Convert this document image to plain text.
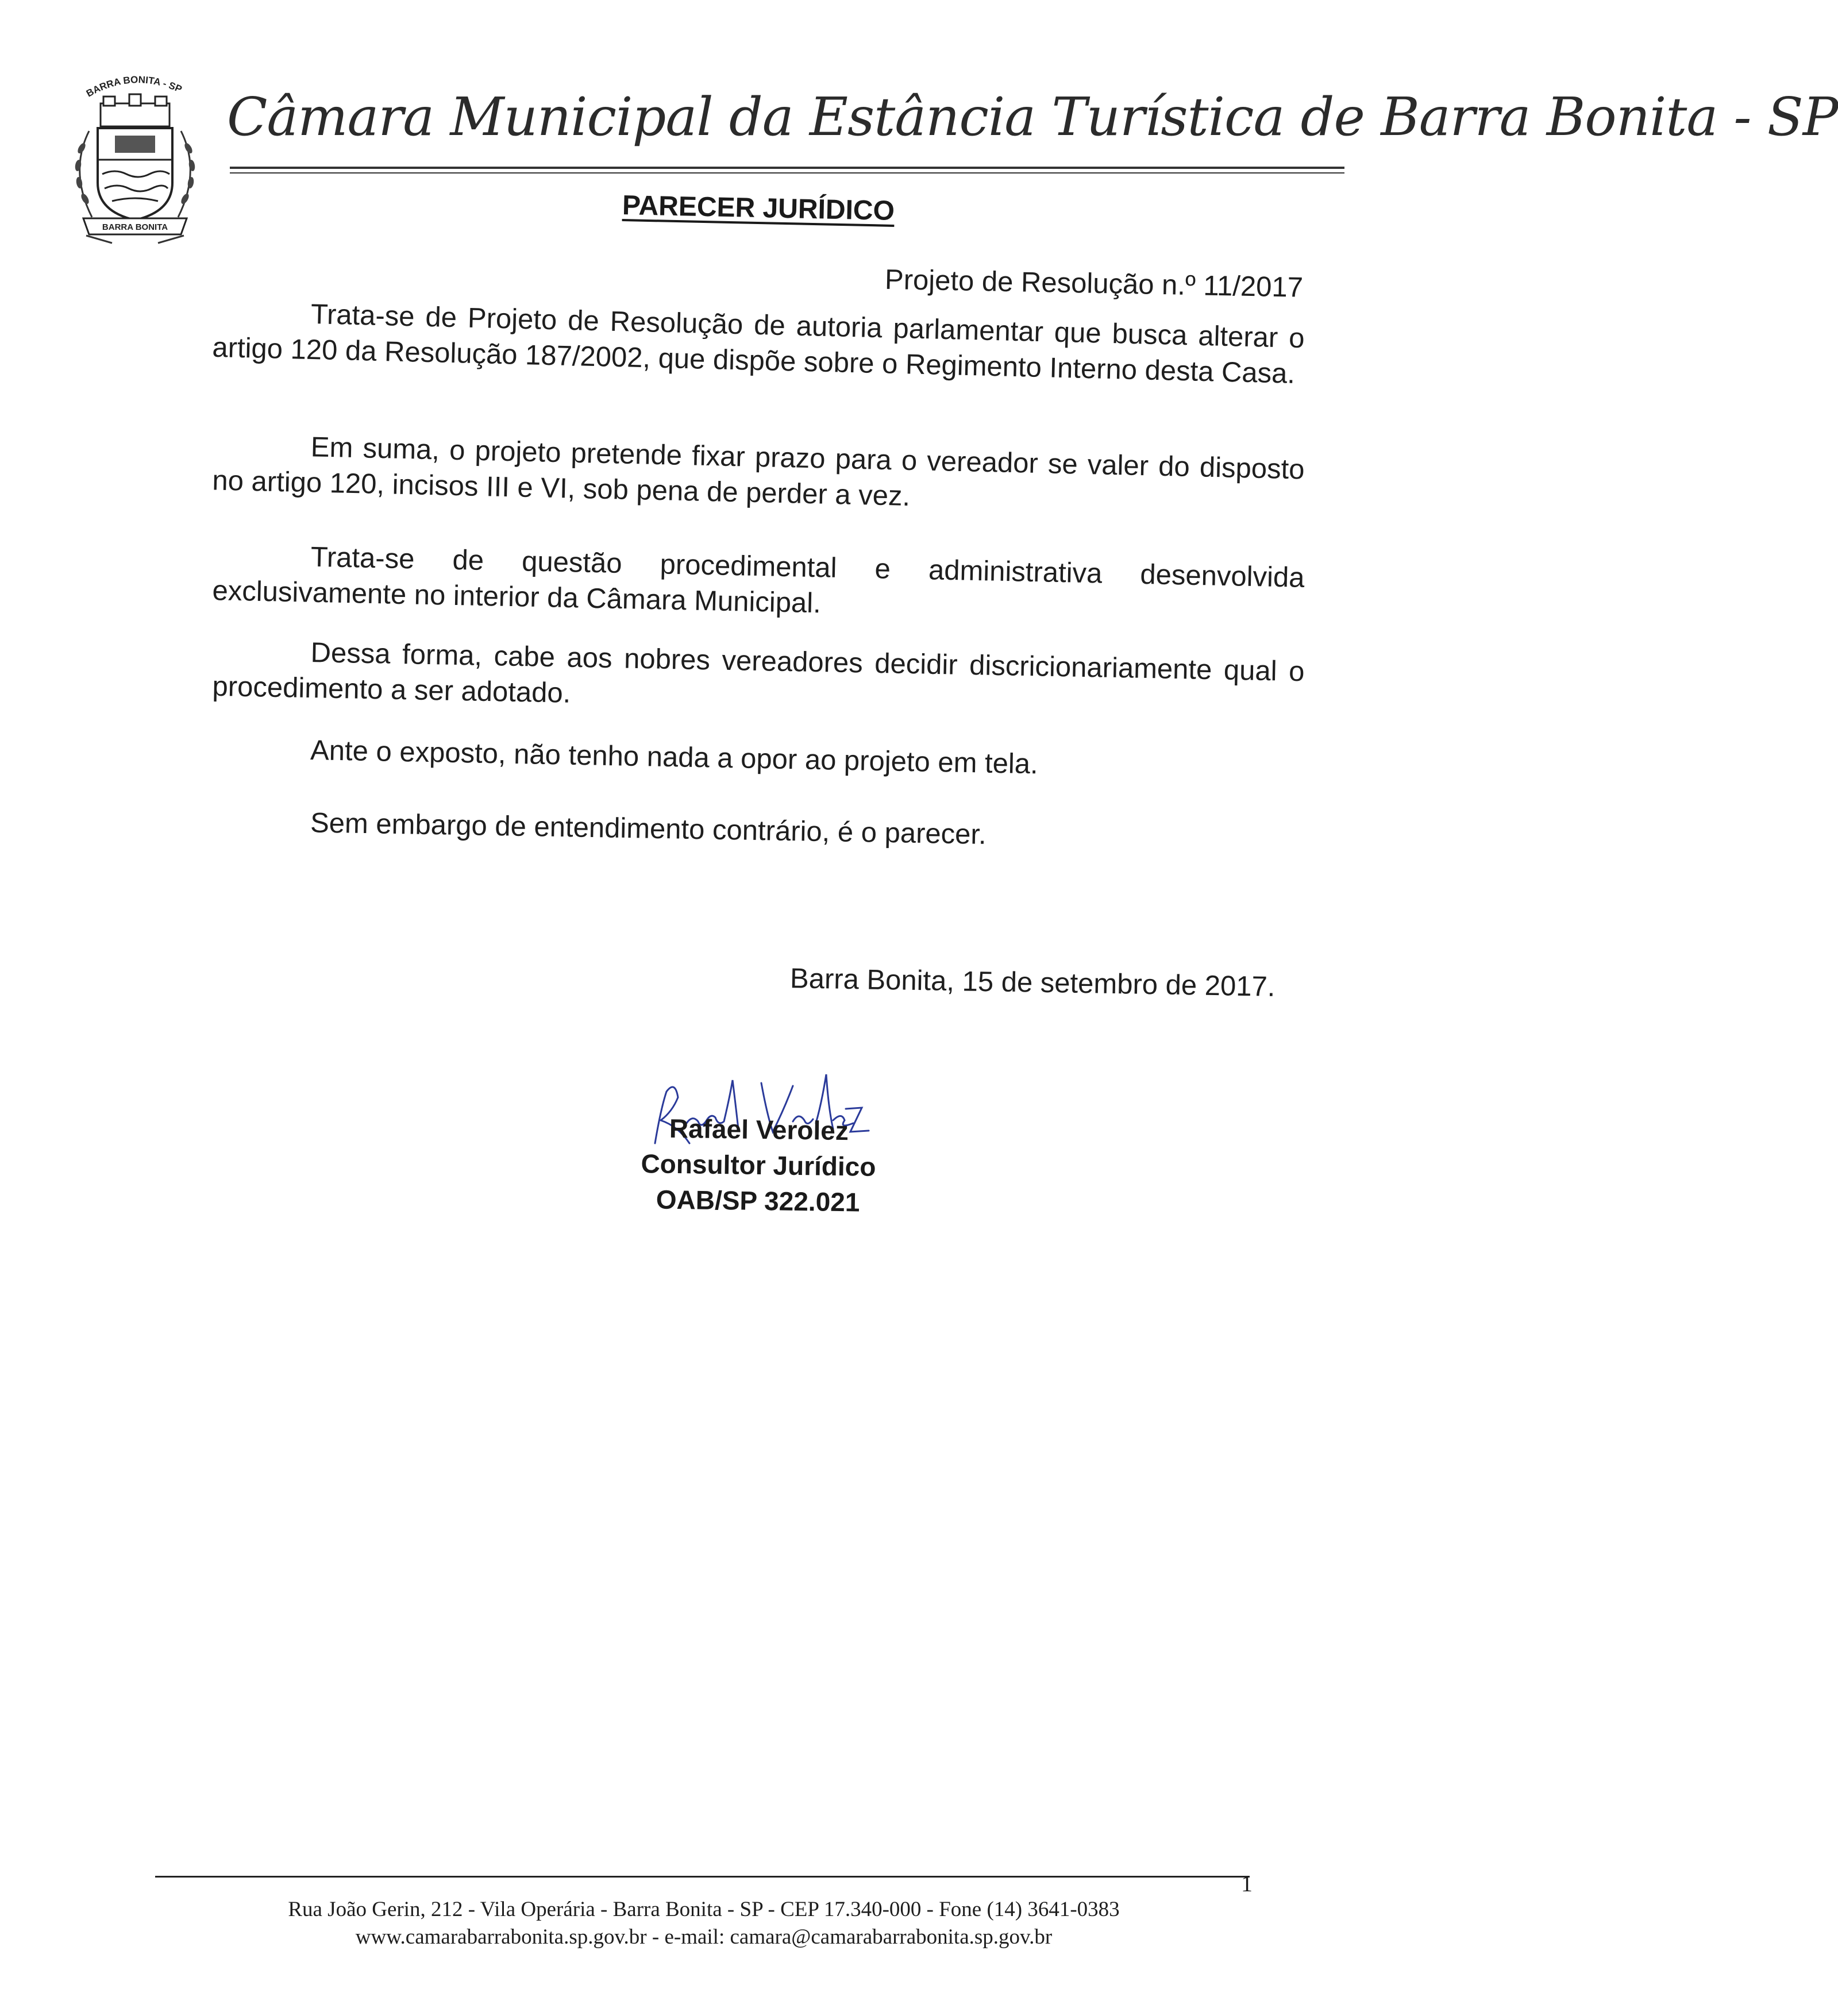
BARRA BONITA - SP
BARRA BONITA
Câmara Municipal da Estância Turística de Barra Bonita - SP
PARECER JURÍDICO
Projeto de Resolução n.º 11/2017
Trata-se de Projeto de Resolução de autoria parlamentar que busca alterar o artigo 120 da Resolução 187/2002, que dispõe sobre o Regimento Interno desta Casa.
Em suma, o projeto pretende fixar prazo para o vereador se valer do disposto no artigo 120, incisos III e VI, sob pena de perder a vez.
Trata-se de questão procedimental e administrativa desenvolvida exclusivamente no interior da Câmara Municipal.
Dessa forma, cabe aos nobres vereadores decidir discricionariamente qual o procedimento a ser adotado.
Ante o exposto, não tenho nada a opor ao projeto em tela.
Sem embargo de entendimento contrário, é o parecer.
Barra Bonita, 15 de setembro de 2017.
Rafael Verolez
Consultor Jurídico
OAB/SP 322.021
1
Rua João Gerin, 212 - Vila Operária - Barra Bonita - SP - CEP 17.340-000 - Fone (14) 3641-0383
www.camarabarrabonita.sp.gov.br - e-mail: camara@camarabarrabonita.sp.gov.br
